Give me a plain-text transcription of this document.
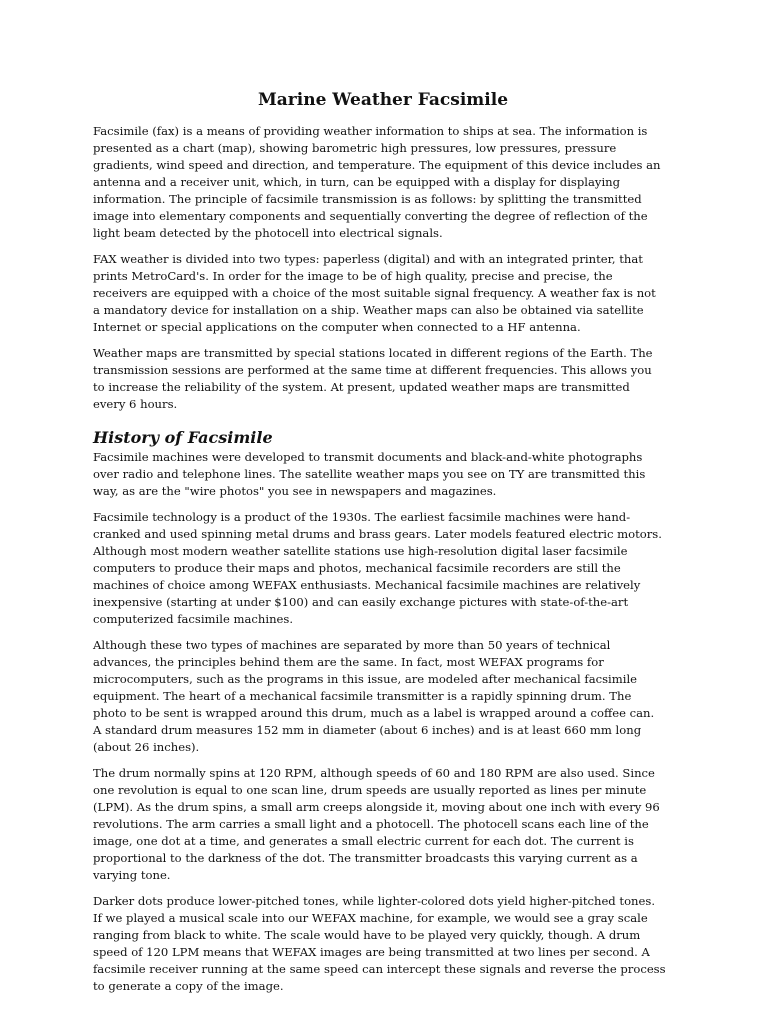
Marine Weather Facsimile

Facsimile (fax) is a means of providing weather information to ships at sea. The information is
presented as a chart (map), showing barometric high pressures, low pressures, pressure
gradients, wind speed and direction, and temperature. The equipment of this device includes an
antenna and a receiver unit, which, in turn, can be equipped with a display for displaying
information. The principle of facsimile transmission is as follows: by splitting the transmitted
image into elementary components and sequentially converting the degree of reflection of the
light beam detected by the photocell into electrical signals.

FAX weather is divided into two types: paperless (digital) and with an integrated printer, that
prints MetroCard's. In order for the image to be of high quality, precise and precise, the
receivers are equipped with a choice of the most suitable signal frequency. A weather fax is not
a mandatory device for installation on a ship. Weather maps can also be obtained via satellite
Internet or special applications on the computer when connected to a HF antenna.

Weather maps are transmitted by special stations located in different regions of the Earth. The
transmission sessions are performed at the same time at different frequencies. This allows you
to increase the reliability of the system. At present, updated weather maps are transmitted
every 6 hours.

History of Facsimile

Facsimile machines were developed to transmit documents and black-and-white photographs
over radio and telephone lines. The satellite weather maps you see on TY are transmitted this
way, as are the "wire photos" you see in newspapers and magazines.

Facsimile technology is a product of the 1930s. The earliest facsimile machines were hand-
cranked and used spinning metal drums and brass gears. Later models featured electric motors.
Although most modern weather satellite stations use high-resolution digital laser facsimile
computers to produce their maps and photos, mechanical facsimile recorders are still the
machines of choice among WEFAX enthusiasts. Mechanical facsimile machines are relatively
inexpensive (starting at under $100) and can easily exchange pictures with state-of-the-art
computerized facsimile machines.

Although these two types of machines are separated by more than 50 years of technical
advances, the principles behind them are the same. In fact, most WEFAX programs for
microcomputers, such as the programs in this issue, are modeled after mechanical facsimile
equipment. The heart of a mechanical facsimile transmitter is a rapidly spinning drum. The
photo to be sent is wrapped around this drum, much as a label is wrapped around a coffee can.
A standard drum measures 152 mm in diameter (about 6 inches) and is at least 660 mm long
(about 26 inches).

The drum normally spins at 120 RPM, although speeds of 60 and 180 RPM are also used. Since
one revolution is equal to one scan line, drum speeds are usually reported as lines per minute
(LPM). As the drum spins, a small arm creeps alongside it, moving about one inch with every 96
revolutions. The arm carries a small light and a photocell. The photocell scans each line of the
image, one dot at a time, and generates a small electric current for each dot. The current is
proportional to the darkness of the dot. The transmitter broadcasts this varying current as a
varying tone.

Darker dots produce lower-pitched tones, while lighter-colored dots yield higher-pitched tones.
If we played a musical scale into our WEFAX machine, for example, we would see a gray scale
ranging from black to white. The scale would have to be played very quickly, though. A drum
speed of 120 LPM means that WEFAX images are being transmitted at two lines per second. A
facsimile receiver running at the same speed can intercept these signals and reverse the process
to generate a copy of the image.
